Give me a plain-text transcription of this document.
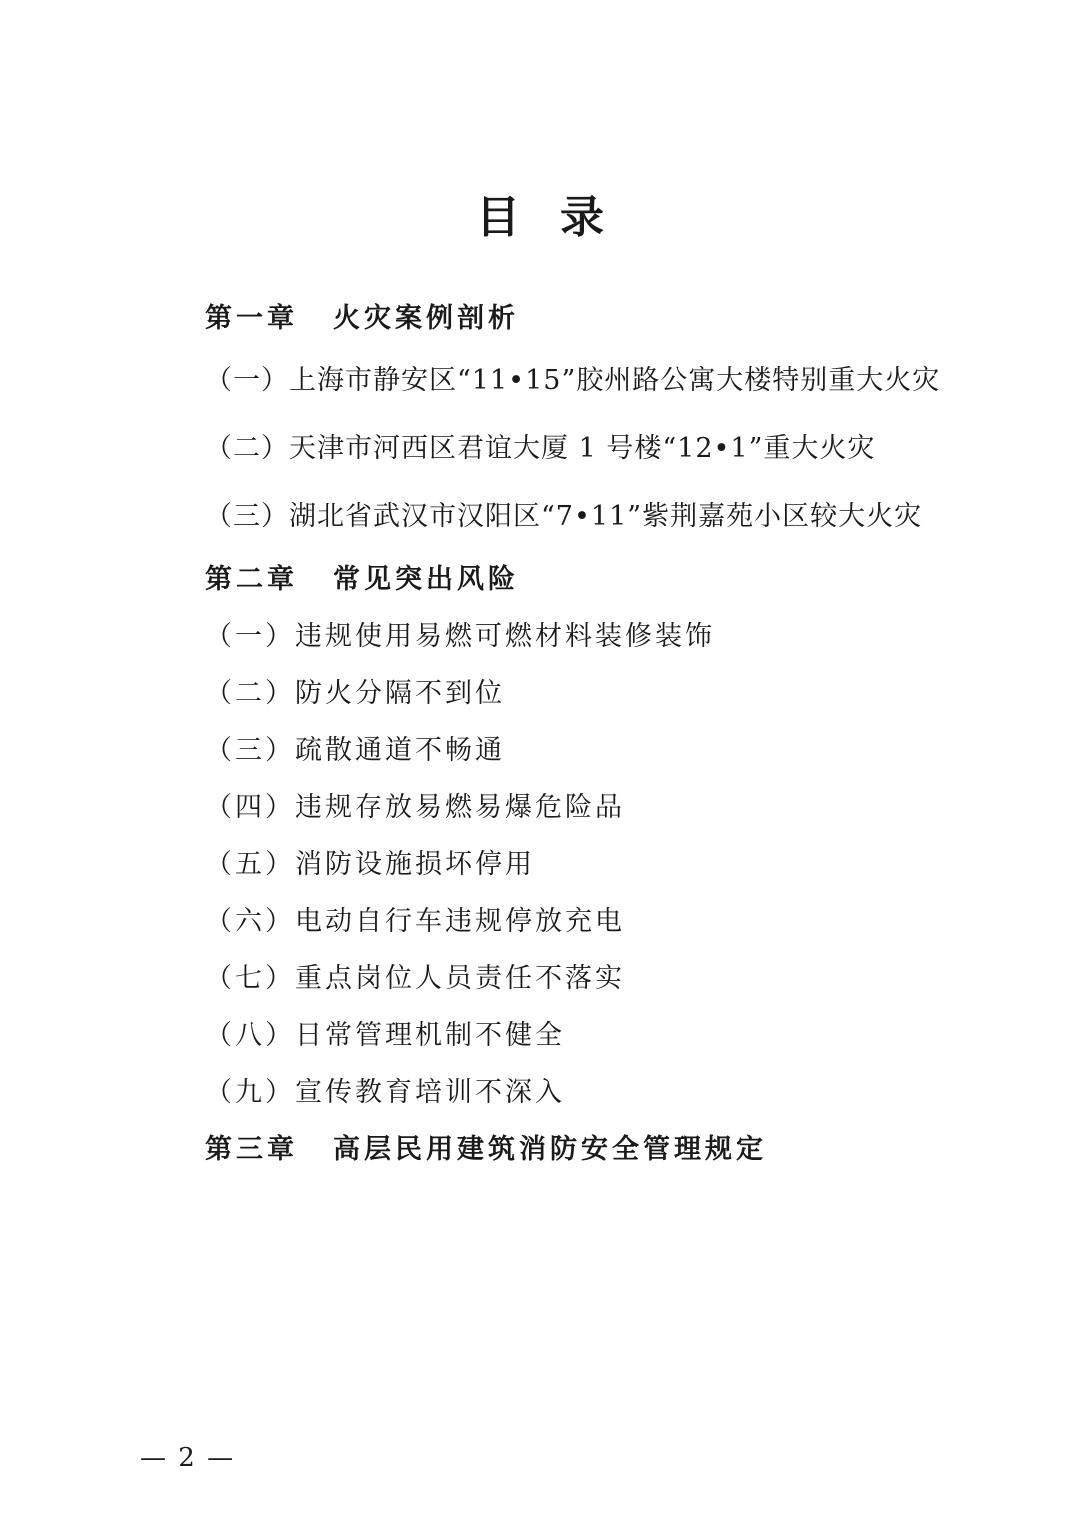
目录
第一章	火灾案例剖析
（一）上海市静安区“11•15”胶州路公寓大楼特别重大火灾
（二）天津市河西区君谊大厦 1 号楼“12•1”重大火灾
（三）湖北省武汉市汉阳区“7•11”紫荆嘉苑小区较大火灾
第二章	常见突出风险
（一）违规使用易燃可燃材料装修装饰
（二）防火分隔不到位
（三）疏散通道不畅通
（四）违规存放易燃易爆危险品
（五）消防设施损坏停用
（六）电动自行车违规停放充电
（七）重点岗位人员责任不落实
（八）日常管理机制不健全
（九）宣传教育培训不深入
第三章	高层民用建筑消防安全管理规定
— 2 —
